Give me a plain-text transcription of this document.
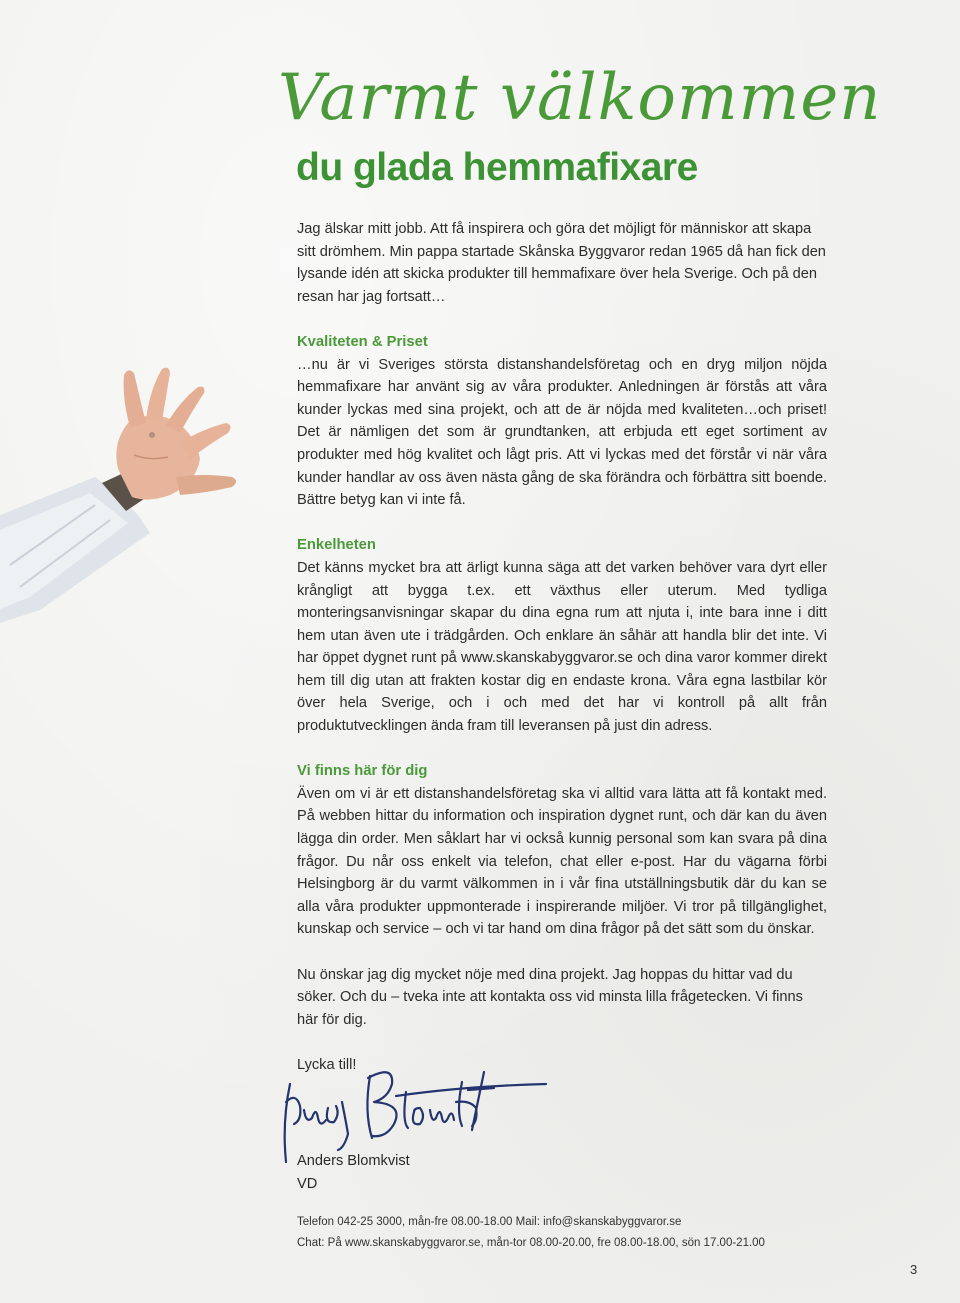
Varmt välkommen
du glada hemmafixare

Jag älskar mitt jobb. Att få inspirera och göra det möjligt för människor att skapa sitt drömhem. Min pappa startade Skånska Byggvaror redan 1965 då han fick den lysande idén att skicka produkter till hemmafixare över hela Sverige. Och på den resan har jag fortsatt…

Kvaliteten & Priset

…nu är vi Sveriges största distanshandelsföretag och en dryg miljon nöjda hemmafixare har använt sig av våra produkter. Anledningen är förstås att våra kunder lyckas med sina projekt, och att de är nöjda med kvaliteten…och priset! Det är nämligen det som är grundtanken, att erbjuda ett eget sortiment av produkter med hög kvalitet och lågt pris. Att vi lyckas med det förstår vi när våra kunder handlar av oss även nästa gång de ska förändra och förbättra sitt boende. Bättre betyg kan vi inte få.

Enkelheten

Det känns mycket bra att ärligt kunna säga att det varken behöver vara dyrt eller krångligt att bygga t.ex. ett växthus eller uterum. Med tydliga monteringsanvisningar skapar du dina egna rum att njuta i, inte bara inne i ditt hem utan även ute i trädgården. Och enklare än såhär att handla blir det inte. Vi har öppet dygnet runt på www.skanskabyggvaror.se och dina varor kommer direkt hem till dig utan att frakten kostar dig en endaste krona. Våra egna lastbilar kör över hela Sverige, och i och med det har vi kontroll på allt från produktutvecklingen ända fram till leveransen på just din adress.

Vi finns här för dig

Även om vi är ett distanshandelsföretag ska vi alltid vara lätta att få kontakt med. På webben hittar du information och inspiration dygnet runt, och där kan du även lägga din order. Men såklart har vi också kunnig personal som kan svara på dina frågor. Du når oss enkelt via telefon, chat eller e-post. Har du vägarna förbi Helsingborg är du varmt välkommen in i vår fina utställningsbutik där du kan se alla våra produkter uppmonterade i inspirerande miljöer. Vi tror på tillgänglighet, kunskap och service – och vi tar hand om dina frågor på det sätt som du önskar.

Nu önskar jag dig mycket nöje med dina projekt. Jag hoppas du hittar vad du söker. Och du – tveka inte att kontakta oss vid minsta lilla frågetecken. Vi finns här för dig.

Lycka till!

Anders Blomkvist
VD
Telefon 042-25 3000, mån-fre 08.00-18.00 Mail: info@skanskabyggvaror.se
Chat: På www.skanskabyggvaror.se, mån-tor 08.00-20.00, fre 08.00-18.00, sön 17.00-21.00
3
